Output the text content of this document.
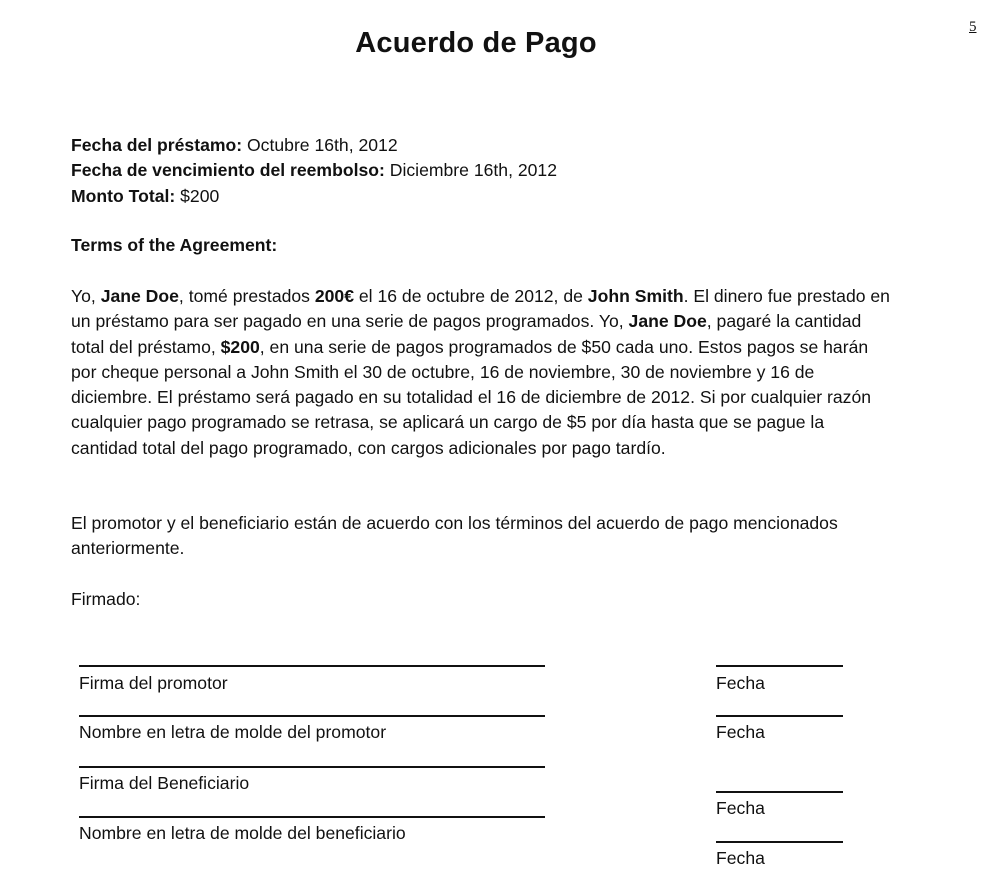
Acuerdo de Pago	5
Fecha del préstamo: Octubre 16th, 2012
Fecha de vencimiento del reembolso: Diciembre 16th, 2012
Monto Total: $200
Terms of the Agreement:
Yo, Jane Doe, tomé prestados 200€ el 16 de octubre de 2012, de John Smith. El dinero fue prestado en un préstamo para ser pagado en una serie de pagos programados. Yo, Jane Doe, pagaré la cantidad total del préstamo, $200, en una serie de pagos programados de $50 cada uno. Estos pagos se harán por cheque personal a John Smith el 30 de octubre, 16 de noviembre, 30 de noviembre y 16 de diciembre. El préstamo será pagado en su totalidad el 16 de diciembre de 2012. Si por cualquier razón cualquier pago programado se retrasa, se aplicará un cargo de $5 por día hasta que se pague la cantidad total del pago programado, con cargos adicionales por pago tardío.
El promotor y el beneficiario están de acuerdo con los términos del acuerdo de pago mencionados anteriormente.
Firmado:
Firma del promotor
Nombre en letra de molde del promotor
Firma del Beneficiario
Nombre en letra de molde del beneficiario
Fecha
Fecha
Fecha
Fecha
